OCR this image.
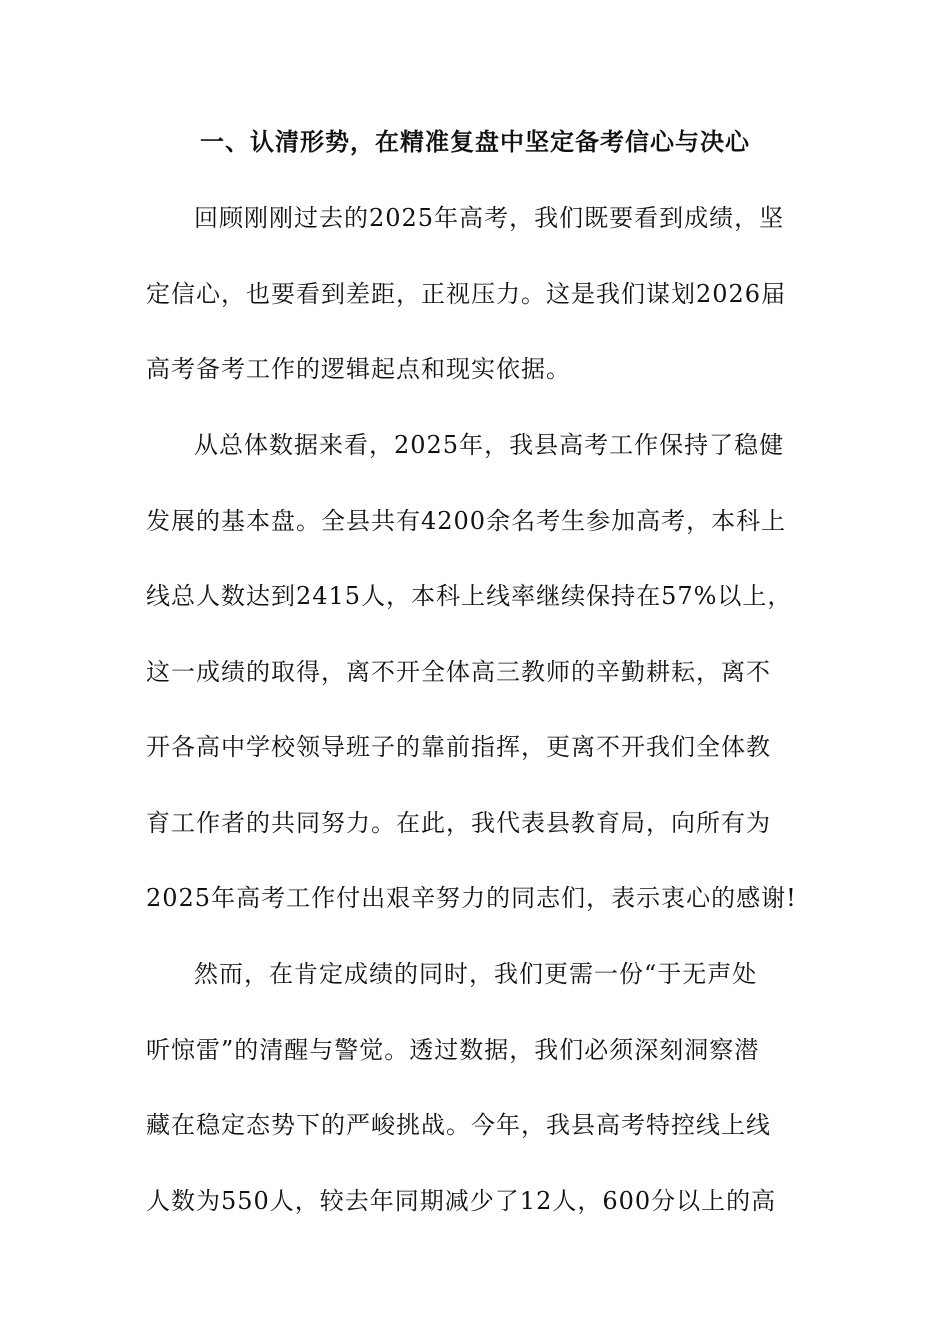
一、认清形势，在精准复盘中坚定备考信心与决心
回顾刚刚过去的2025年高考，我们既要看到成绩，坚
定信心，也要看到差距，正视压力。这是我们谋划2026届
高考备考工作的逻辑起点和现实依据。
从总体数据来看，2025年，我县高考工作保持了稳健
发展的基本盘。全县共有4200余名考生参加高考，本科上
线总人数达到2415人，本科上线率继续保持在57%以上，
这一成绩的取得，离不开全体高三教师的辛勤耕耘，离不
开各高中学校领导班子的靠前指挥，更离不开我们全体教
育工作者的共同努力。在此，我代表县教育局，向所有为
2025年高考工作付出艰辛努力的同志们，表示衷心的感谢!
然而，在肯定成绩的同时，我们更需一份“于无声处
听惊雷”的清醒与警觉。透过数据，我们必须深刻洞察潜
藏在稳定态势下的严峻挑战。今年，我县高考特控线上线
人数为550人，较去年同期减少了12人，600分以上的高
